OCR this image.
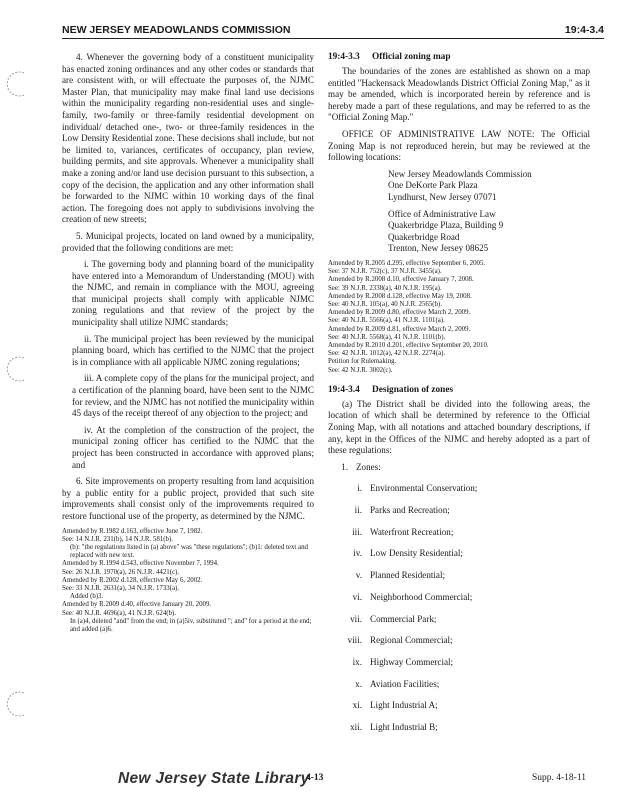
NEW JERSEY MEADOWLANDS COMMISSION	19:4-3.4

4. Whenever the governing body of a constituent municipality has enacted zoning ordinances and any other codes or standards that are consistent with, or will effectuate the purposes of, the NJMC Master Plan, that municipality may make final land use decisions within the municipality regarding non-residential uses and single-family, two-family or three-family residential development on individual/ detached one-, two- or three-family residences in the Low Density Residential zone. These decisions shall include, but not be limited to, variances, certificates of occupancy, plan review, building permits, and site approvals. Whenever a municipality shall make a zoning and/or land use decision pursuant to this subsection, a copy of the decision, the application and any other information shall be forwarded to the NJMC within 10 working days of the final action. The foregoing does not apply to subdivisions involving the creation of new streets;

5. Municipal projects, located on land owned by a municipality, provided that the following conditions are met:

i. The governing body and planning board of the municipality have entered into a Memorandum of Understanding (MOU) with the NJMC, and remain in compliance with the MOU, agreeing that municipal projects shall comply with applicable NJMC zoning regulations and that review of the project by the municipality shall utilize NJMC standards;

ii. The municipal project has been reviewed by the municipal planning board, which has certified to the NJMC that the project is in compliance with all applicable NJMC zoning regulations;

iii. A complete copy of the plans for the municipal project, and a certification of the planning board, have been sent to the NJMC for review, and the NJMC has not notified the municipality within 45 days of the receipt thereof of any objection to the project; and

iv. At the completion of the construction of the project, the municipal zoning officer has certified to the NJMC that the project has been constructed in accordance with approved plans; and

6. Site improvements on property resulting from land acquisition by a public entity for a public project, provided that such site improvements shall consist only of the improvements required to restore functional use of the property, as determined by the NJMC.

Amended by R.1982 d.163, effective June 7, 1982.

See: 14 N.J.R. 231(b), 14 N.J.R. 581(b).

(b): "the regulations listed in (a) above" was "these regulations"; (b)1: deleted text and replaced with new text.

Amended by R.1994 d.543, effective November 7, 1994.

See: 26 N.J.R. 1970(a), 26 N.J.R. 4421(c).

Amended by R.2002 d.128, effective May 6, 2002.

See: 33 N.J.R. 2631(a), 34 N.J.R. 1733(a).

Added (b)3.

Amended by R.2009 d.40, effective January 20, 2009.

See: 40 N.J.R. 4696(a), 41 N.J.R. 624(b).

In (a)4, deleted "and" from the end; in (a)5iv, substituted "; and" for a period at the end; and added (a)6.

19:4-3.3 Official zoning map

The boundaries of the zones are established as shown on a map entitled "Hackensack Meadowlands District Official Zoning Map," as it may be amended, which is incorporated herein by reference and is hereby made a part of these regulations, and may be referred to as the "Official Zoning Map."

OFFICE OF ADMINISTRATIVE LAW NOTE: The Official Zoning Map is not reproduced herein, but may be reviewed at the following locations:

New Jersey Meadowlands Commission
One DeKorte Park Plaza
Lyndhurst, New Jersey 07071
Office of Administrative Law
Quakerbridge Plaza, Building 9
Quakerbridge Road
Trenton, New Jersey 08625

Amended by R.2005 d.295, effective September 6, 2005.

See: 37 N.J.R. 752(c), 37 N.J.R. 3455(a).

Amended by R.2008 d.10, effective January 7, 2008.

See: 39 N.J.R. 2338(a), 40 N.J.R. 195(a).

Amended by R.2008 d.128, effective May 19, 2008.

See: 40 N.J.R. 105(a), 40 N.J.R. 2565(b).

Amended by R.2009 d.80, effective March 2, 2009.

See: 40 N.J.R. 5566(a), 41 N.J.R. 1101(a).

Amended by R.2009 d.81, effective March 2, 2009.

See: 40 N.J.R. 5568(a), 41 N.J.R. 1101(b).

Amended by R.2010 d.201, effective September 20, 2010.

See: 42 N.J.R. 1012(a), 42 N.J.R. 2274(a).

Petition for Rulemaking.

See: 42 N.J.R. 3002(c).

19:4-3.4 Designation of zones

(a) The District shall be divided into the following areas, the location of which shall be determined by reference to the Official Zoning Map, with all notations and attached boundary descriptions, if any, kept in the Offices of the NJMC and hereby adopted as a part of these regulations:

1. Zones:
i. Environmental Conservation;
ii. Parks and Recreation;
iii. Waterfront Recreation;
iv. Low Density Residential;
v. Planned Residential;
vi. Neighborhood Commercial;
vii. Commercial Park;
viii. Regional Commercial;
ix. Highway Commercial;
x. Aviation Facilities;
xi. Light Industrial A;
xii. Light Industrial B;
New Jersey State Library
4-13	Supp. 4-18-11
